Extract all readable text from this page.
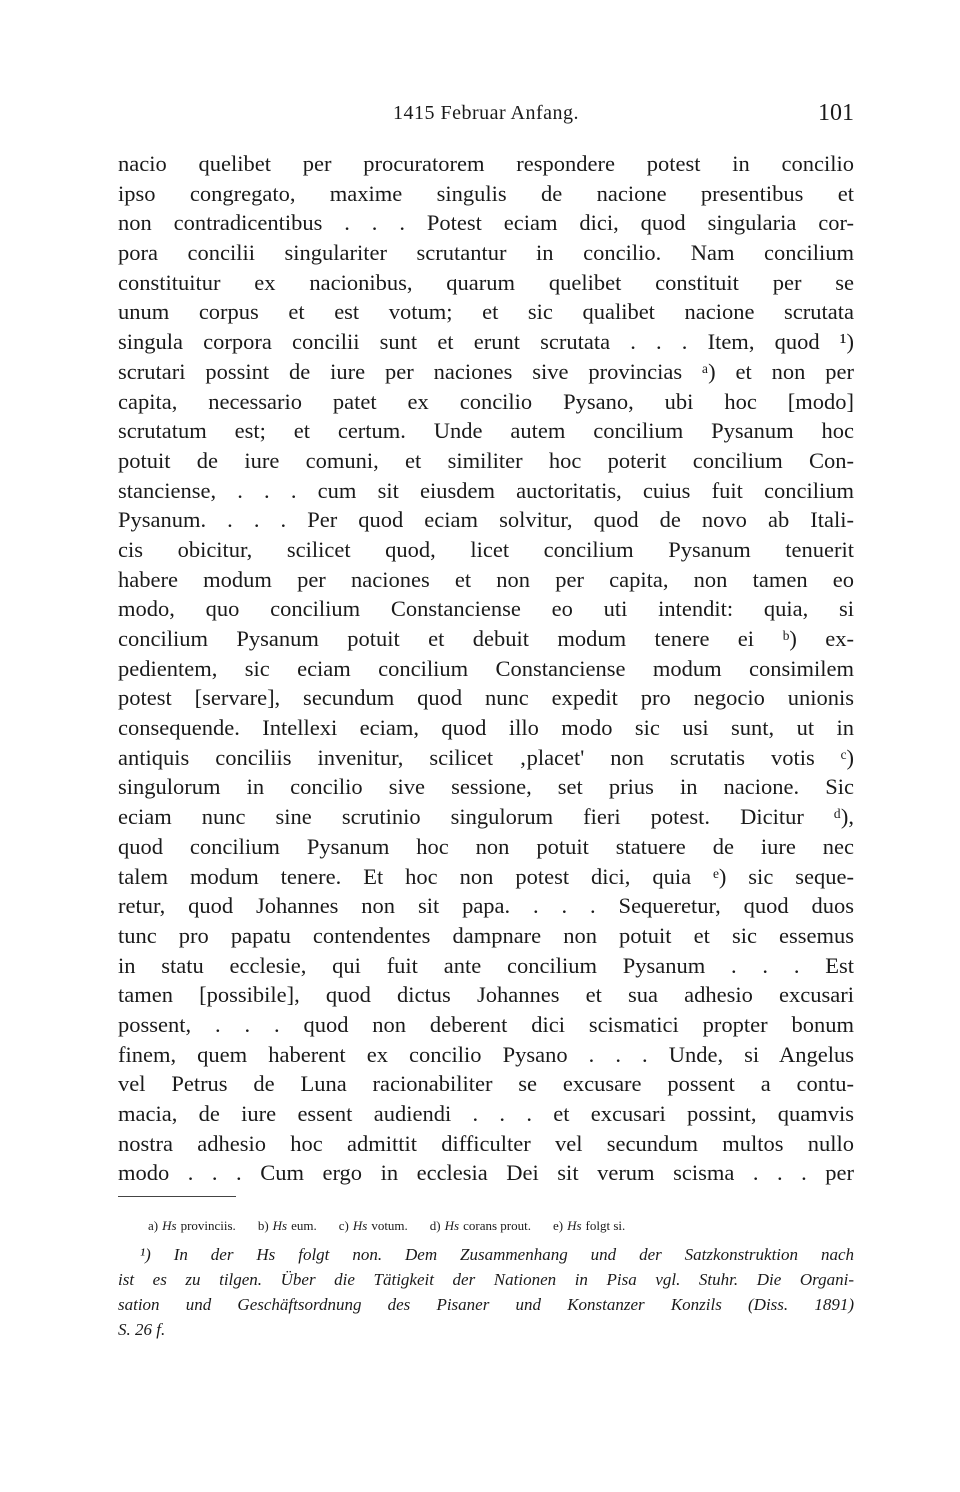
1415 Februar Anfang.	101
nacio quelibet per procuratorem respondere potest in concilio
ipso congregato, maxime singulis de nacione presentibus et
non contradicentibus . . . Potest eciam dici, quod singularia cor-
pora concilii singulariter scrutantur in concilio. Nam concilium
constituitur ex nacionibus, quarum quelibet constituit per se
unum corpus et est votum; et sic qualibet nacione scrutata
singula corpora concilii sunt et erunt scrutata . . . Item, quod ¹)
scrutari possint de iure per naciones sive provincias ᵃ) et non per
capita, necessario patet ex concilio Pysano, ubi hoc [modo]
scrutatum est; et certum. Unde autem concilium Pysanum hoc
potuit de iure comuni, et similiter hoc poterit concilium Con-
stanciense, . . . cum sit eiusdem auctoritatis, cuius fuit concilium
Pysanum. . . . Per quod eciam solvitur, quod de novo ab Itali-
cis obicitur, scilicet quod, licet concilium Pysanum tenuerit
habere modum per naciones et non per capita, non tamen eo
modo, quo concilium Constanciense eo uti intendit: quia, si
concilium Pysanum potuit et debuit modum tenere ei ᵇ) ex-
pedientem, sic eciam concilium Constanciense modum consimilem
potest [servare], secundum quod nunc expedit pro negocio unionis
consequende. Intellexi eciam, quod illo modo sic usi sunt, ut in
antiquis conciliis invenitur, scilicet ‚placet' non scrutatis votis ᶜ)
singulorum in concilio sive sessione, set prius in nacione. Sic
eciam nunc sine scrutinio singulorum fieri potest. Dicitur ᵈ),
quod concilium Pysanum hoc non potuit statuere de iure nec
talem modum tenere. Et hoc non potest dici, quia ᵉ) sic seque-
retur, quod Johannes non sit papa. . . . Sequeretur, quod duos
tunc pro papatu contendentes dampnare non potuit et sic essemus
in statu ecclesie, qui fuit ante concilium Pysanum . . . Est
tamen [possibile], quod dictus Johannes et sua adhesio excusari
possent, . . . quod non deberent dici scismatici propter bonum
finem, quem haberent ex concilio Pysano . . . Unde, si Angelus
vel Petrus de Luna racionabiliter se excusare possent a contu-
macia, de iure essent audiendi . . . et excusari possint, quamvis
nostra adhesio hoc admittit difficulter vel secundum multos nullo
modo . . . Cum ergo in ecclesia Dei sit verum scisma . . . per
a) Hs provinciis. b) Hs eum. c) Hs votum. d) Hs corans prout. e) Hs folgt si.
¹) In der Hs folgt non. Dem Zusammenhang und der Satzkonstruktion nach
ist es zu tilgen. Über die Tätigkeit der Nationen in Pisa vgl. Stuhr. Die Organi-
sation und Geschäftsordnung des Pisaner und Konstanzer Konzils (Diss. 1891)
S. 26 f.
